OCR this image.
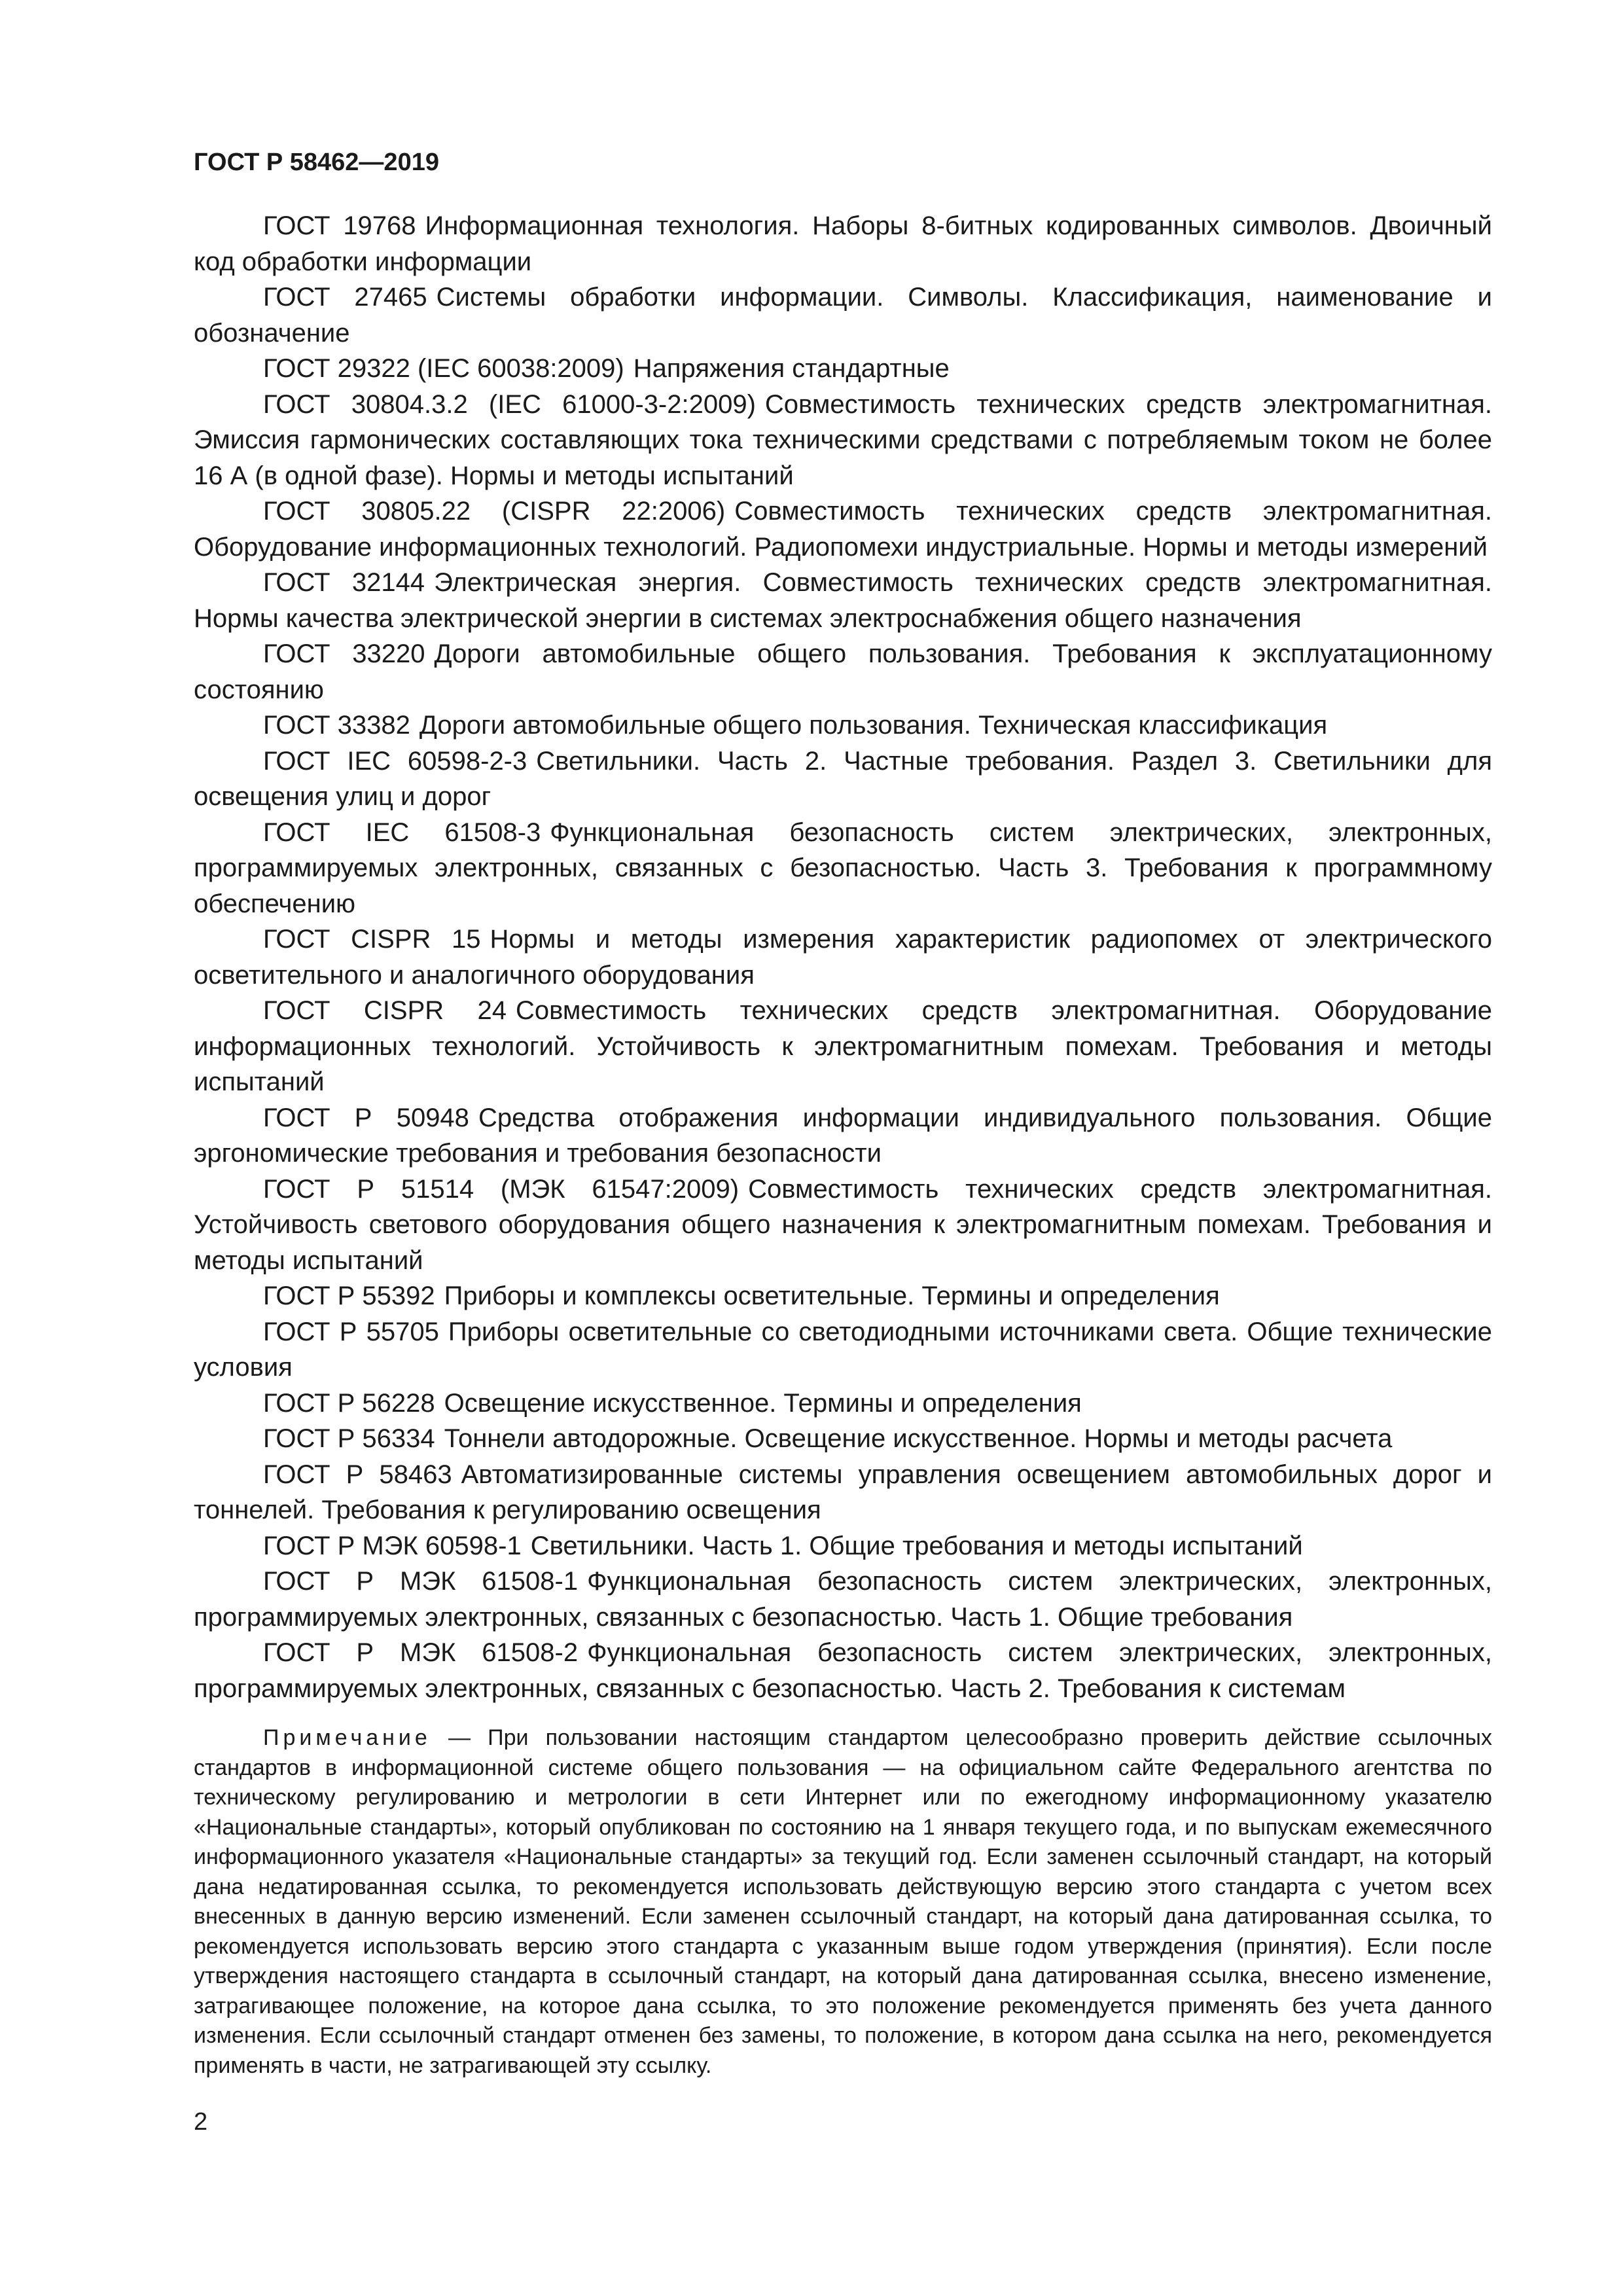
ГОСТ Р 58462—2019

ГОСТ 19768 Информационная технология. Наборы 8-битных кодированных символов. Двоичный код обработки информации

ГОСТ 27465 Системы обработки информации. Символы. Классификация, наименование и обозначение

ГОСТ 29322 (IEC 60038:2009) Напряжения стандартные

ГОСТ 30804.3.2 (IEC 61000-3-2:2009) Совместимость технических средств электромагнитная. Эмиссия гармонических составляющих тока техническими средствами с потребляемым током не более 16 А (в одной фазе). Нормы и методы испытаний

ГОСТ 30805.22 (CISPR 22:2006) Совместимость технических средств электромагнитная. Оборудование информационных технологий. Радиопомехи индустриальные. Нормы и методы измерений

ГОСТ 32144 Электрическая энергия. Совместимость технических средств электромагнитная. Нормы качества электрической энергии в системах электроснабжения общего назначения

ГОСТ 33220 Дороги автомобильные общего пользования. Требования к эксплуатационному состоянию

ГОСТ 33382 Дороги автомобильные общего пользования. Техническая классификация

ГОСТ IEC 60598-2-3 Светильники. Часть 2. Частные требования. Раздел 3. Светильники для освещения улиц и дорог

ГОСТ IEC 61508-3 Функциональная безопасность систем электрических, электронных, программируемых электронных, связанных с безопасностью. Часть 3. Требования к программному обеспечению

ГОСТ CISPR 15 Нормы и методы измерения характеристик радиопомех от электрического осветительного и аналогичного оборудования

ГОСТ CISPR 24 Совместимость технических средств электромагнитная. Оборудование информационных технологий. Устойчивость к электромагнитным помехам. Требования и методы испытаний

ГОСТ Р 50948 Средства отображения информации индивидуального пользования. Общие эргономические требования и требования безопасности

ГОСТ Р 51514 (МЭК 61547:2009) Совместимость технических средств электромагнитная. Устойчивость светового оборудования общего назначения к электромагнитным помехам. Требования и методы испытаний

ГОСТ Р 55392 Приборы и комплексы осветительные. Термины и определения

ГОСТ Р 55705 Приборы осветительные со светодиодными источниками света. Общие технические условия

ГОСТ Р 56228 Освещение искусственное. Термины и определения

ГОСТ Р 56334 Тоннели автодорожные. Освещение искусственное. Нормы и методы расчета

ГОСТ Р 58463 Автоматизированные системы управления освещением автомобильных дорог и тоннелей. Требования к регулированию освещения

ГОСТ Р МЭК 60598-1 Светильники. Часть 1. Общие требования и методы испытаний

ГОСТ Р МЭК 61508-1 Функциональная безопасность систем электрических, электронных, программируемых электронных, связанных с безопасностью. Часть 1. Общие требования

ГОСТ Р МЭК 61508-2 Функциональная безопасность систем электрических, электронных, программируемых электронных, связанных с безопасностью. Часть 2. Требования к системам

Примечание — При пользовании настоящим стандартом целесообразно проверить действие ссылочных стандартов в информационной системе общего пользования — на официальном сайте Федерального агентства по техническому регулированию и метрологии в сети Интернет или по ежегодному информационному указателю «Национальные стандарты», который опубликован по состоянию на 1 января текущего года, и по выпускам ежемесячного информационного указателя «Национальные стандарты» за текущий год. Если заменен ссылочный стандарт, на который дана недатированная ссылка, то рекомендуется использовать действующую версию этого стандарта с учетом всех внесенных в данную версию изменений. Если заменен ссылочный стандарт, на который дана датированная ссылка, то рекомендуется использовать версию этого стандарта с указанным выше годом утверждения (принятия). Если после утверждения настоящего стандарта в ссылочный стандарт, на который дана датированная ссылка, внесено изменение, затрагивающее положение, на которое дана ссылка, то это положение рекомендуется применять без учета данного изменения. Если ссылочный стандарт отменен без замены, то положение, в котором дана ссылка на него, рекомендуется применять в части, не затрагивающей эту ссылку.

2
